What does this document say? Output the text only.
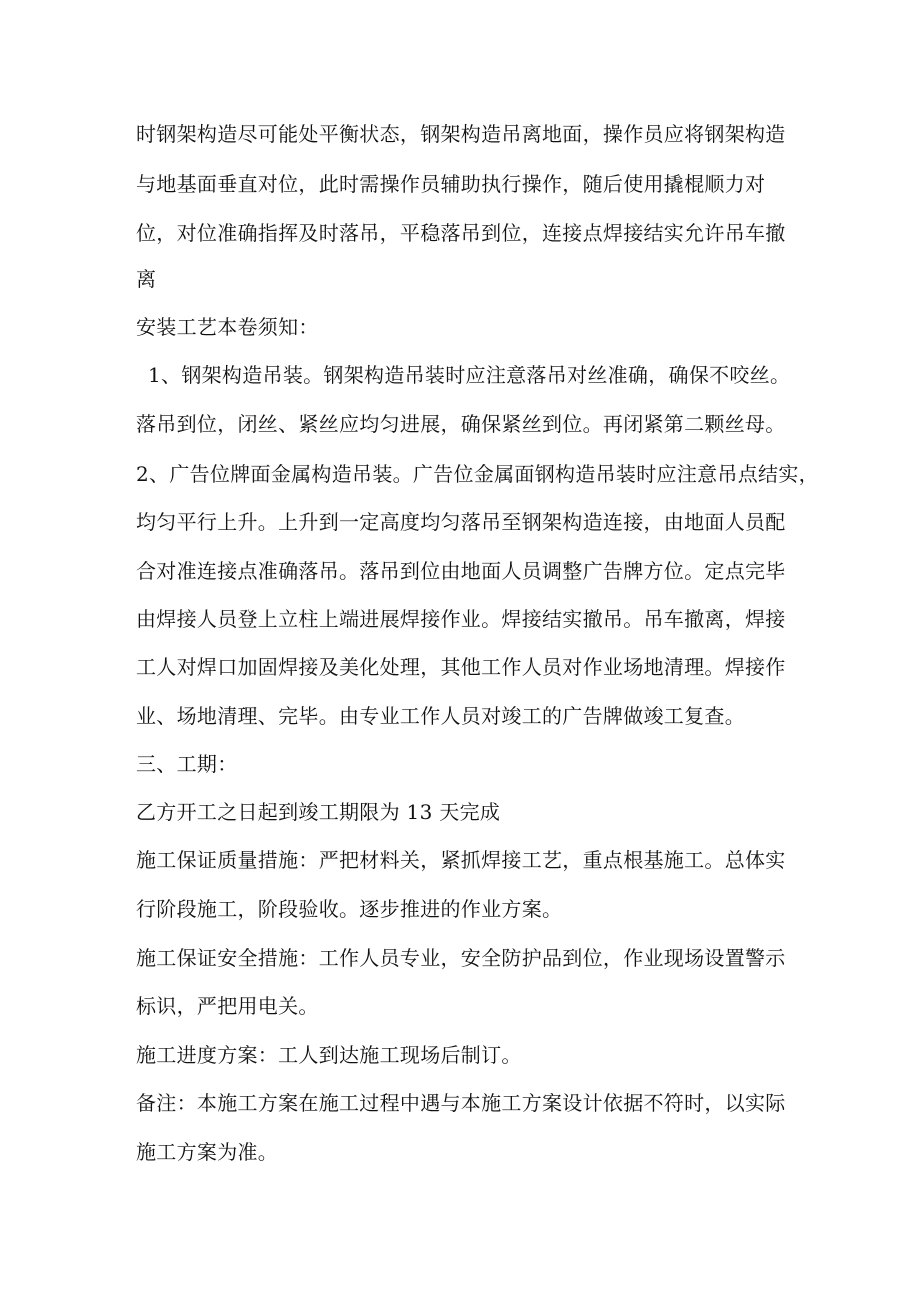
时钢架构造尽可能处平衡状态，钢架构造吊离地面，操作员应将钢架构造
与地基面垂直对位，此时需操作员辅助执行操作，随后使用撬棍顺力对
位，对位准确指挥及时落吊，平稳落吊到位，连接点焊接结实允许吊车撤
离
安装工艺本卷须知：
1、钢架构造吊装。钢架构造吊装时应注意落吊对丝准确，确保不咬丝。
落吊到位，闭丝、紧丝应均匀进展，确保紧丝到位。再闭紧第二颗丝母。
2、广告位牌面金属构造吊装。广告位金属面钢构造吊装时应注意吊点结实，
均匀平行上升。上升到一定高度均匀落吊至钢架构造连接，由地面人员配
合对准连接点准确落吊。落吊到位由地面人员调整广告牌方位。定点完毕
由焊接人员登上立柱上端进展焊接作业。焊接结实撤吊。吊车撤离，焊接
工人对焊口加固焊接及美化处理，其他工作人员对作业场地清理。焊接作
业、场地清理、完毕。由专业工作人员对竣工的广告牌做竣工复查。
三、工期：
乙方开工之日起到竣工期限为 13 天完成
施工保证质量措施：严把材料关，紧抓焊接工艺，重点根基施工。总体实
行阶段施工，阶段验收。逐步推进的作业方案。
施工保证安全措施：工作人员专业，安全防护品到位，作业现场设置警示
标识，严把用电关。
施工进度方案：工人到达施工现场后制订。
备注：本施工方案在施工过程中遇与本施工方案设计依据不符时，以实际
施工方案为准。
